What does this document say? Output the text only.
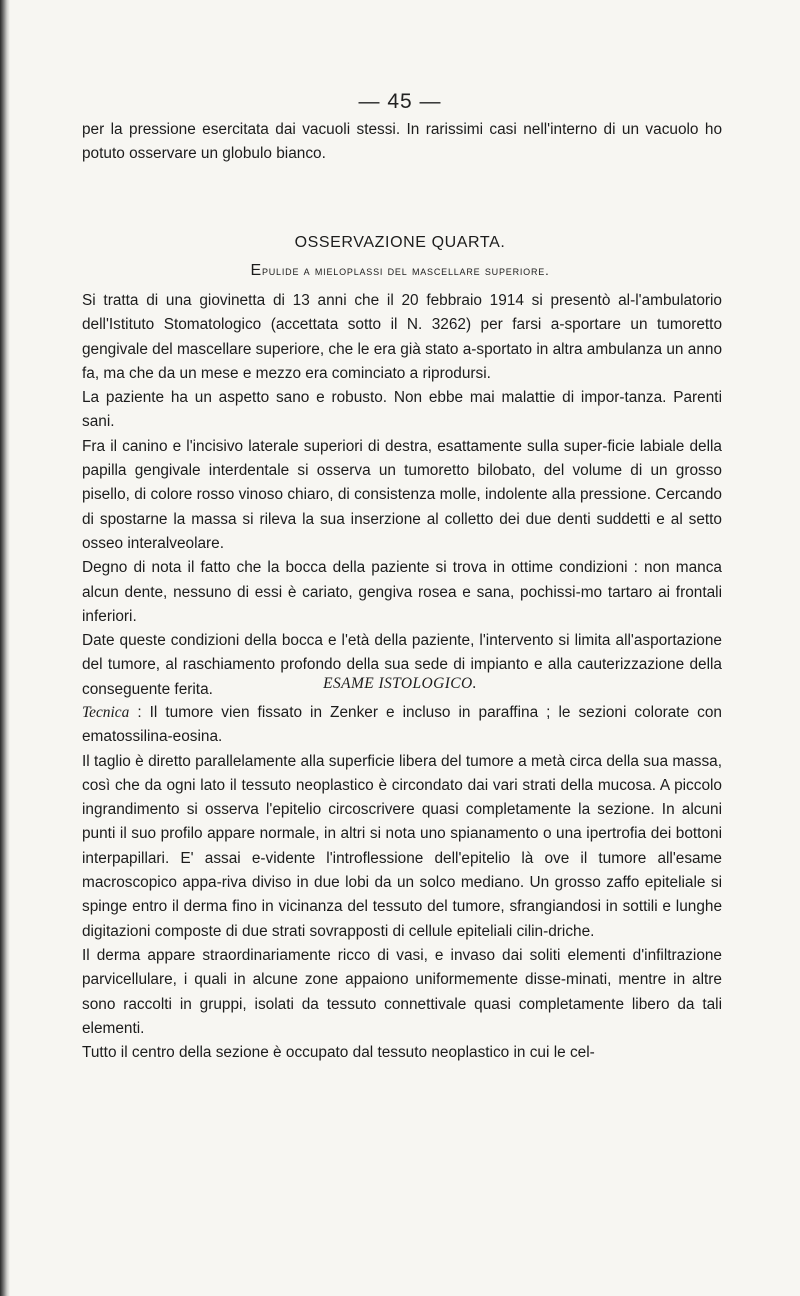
— 45 —

per la pressione esercitata dai vacuoli stessi. In rarissimi casi nell'interno di un vacuolo ho potuto osservare un globulo bianco.

OSSERVAZIONE QUARTA.
Epulide a mieloplassi del mascellare superiore.

Si tratta di una giovinetta di 13 anni che il 20 febbraio 1914 si presentò al-l'ambulatorio dell'Istituto Stomatologico (accettata sotto il N. 3262) per farsi a-sportare un tumoretto gengivale del mascellare superiore, che le era già stato a-sportato in altra ambulanza un anno fa, ma che da un mese e mezzo era cominciato a riprodursi.

La paziente ha un aspetto sano e robusto. Non ebbe mai malattie di impor-tanza. Parenti sani.

Fra il canino e l'incisivo laterale superiori di destra, esattamente sulla super-ficie labiale della papilla gengivale interdentale si osserva un tumoretto bilobato, del volume di un grosso pisello, di colore rosso vinoso chiaro, di consistenza molle, indolente alla pressione. Cercando di spostarne la massa si rileva la sua inserzione al colletto dei due denti suddetti e al setto osseo interalveolare.

Degno di nota il fatto che la bocca della paziente si trova in ottime condizioni : non manca alcun dente, nessuno di essi è cariato, gengiva rosea e sana, pochissi-mo tartaro ai frontali inferiori.

Date queste condizioni della bocca e l'età della paziente, l'intervento si limita all'asportazione del tumore, al raschiamento profondo della sua sede di impianto e alla cauterizzazione della conseguente ferita.	ESAME ISTOLOGICO.

Tecnica : Il tumore vien fissato in Zenker e incluso in paraffina ; le sezioni colorate con ematossilina-eosina.

Il taglio è diretto parallelamente alla superficie libera del tumore a metà circa della sua massa, così che da ogni lato il tessuto neoplastico è circondato dai vari strati della mucosa. A piccolo ingrandimento si osserva l'epitelio circoscrivere quasi completamente la sezione. In alcuni punti il suo profilo appare normale, in altri si nota uno spianamento o una ipertrofia dei bottoni interpapillari. E' assai e-vidente l'introflessione dell'epitelio là ove il tumore all'esame macroscopico appa-riva diviso in due lobi da un solco mediano. Un grosso zaffo epiteliale si spinge entro il derma fino in vicinanza del tessuto del tumore, sfrangiandosi in sottili e lunghe digitazioni composte di due strati sovrapposti di cellule epiteliali cilin-driche.

Il derma appare straordinariamente ricco di vasi, e invaso dai soliti elementi d'infiltrazione parvicellulare, i quali in alcune zone appaiono uniformemente disse-minati, mentre in altre sono raccolti in gruppi, isolati da tessuto connettivale quasi completamente libero da tali elementi.

Tutto il centro della sezione è occupato dal tessuto neoplastico in cui le cel-
